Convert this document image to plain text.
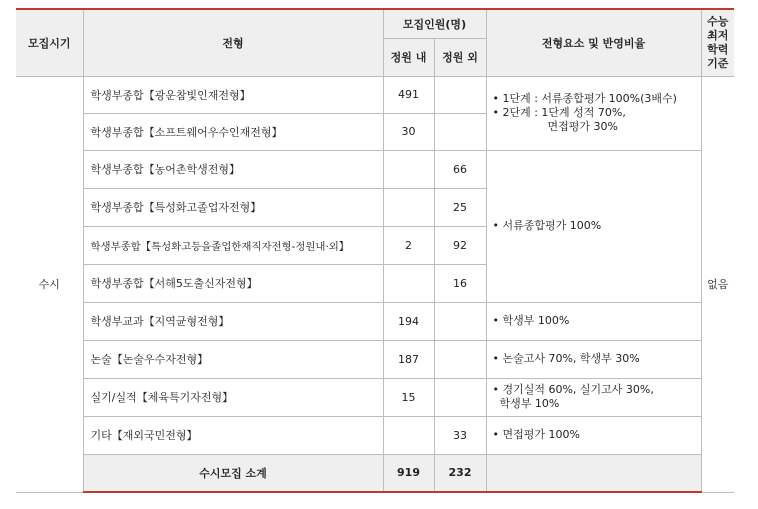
모집시기	전형	모집인원(명)		전형요소 및 반영비율	수능
최저
학력
기준

		정원 내	정원 외		
수시	학생부종합【광운참빛인재전형】	491		• 1단계 : 서류종합평가 100%(3배수)
• 2단계 : 1단계 성적 70%,
면접평가 30%	없음
	학생부종합【소프트웨어우수인재전형】	30			
	학생부종합【농어촌학생전형】		66	• 서류종합평가 100%	

	학생부종합【특성화고졸업자전형】		25		
	학생부종합【특성화고등을졸업한재직자전형-정원내·외】	2	92		
	학생부종합【서해5도출신자전형】		16		
	학생부교과【지역균형전형】	194		• 학생부 100%	

	논술【논술우수자전형】	187		• 논술고사 70%, 학생부 30%	

	실기/실적【체육특기자전형】	15		• 경기실적 60%, 실기고사 30%,
학생부 10%	

	기타【재외국민전형】		33	• 면접평가 100%	

	수시모집 소계	919	232		
